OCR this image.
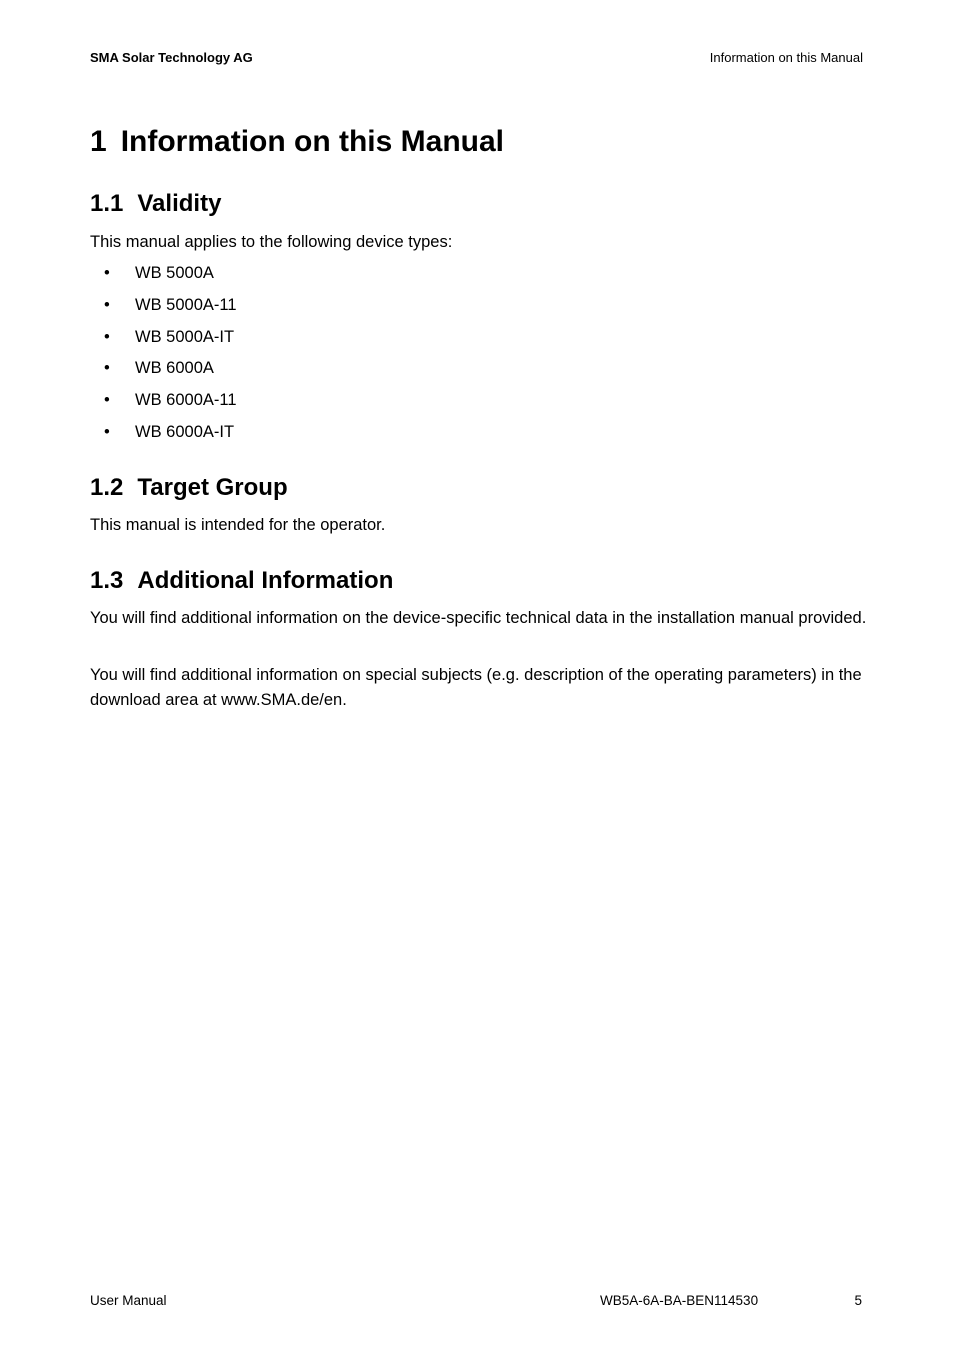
SMA Solar Technology AG	Information on this Manual
1 Information on this Manual
1.1 Validity

This manual applies to the following device types:

• WB 5000A
• WB 5000A-11
• WB 5000A-IT
• WB 6000A
• WB 6000A-11
• WB 6000A-IT
1.2 Target Group

This manual is intended for the operator.

1.3 Additional Information

You will find additional information on the device-specific technical data in the installation manual provided.

You will find additional information on special subjects (e.g. description of the operating parameters) in the download area at www.SMA.de/en.

User Manual	WB5A-6A-BA-BEN114530	5
